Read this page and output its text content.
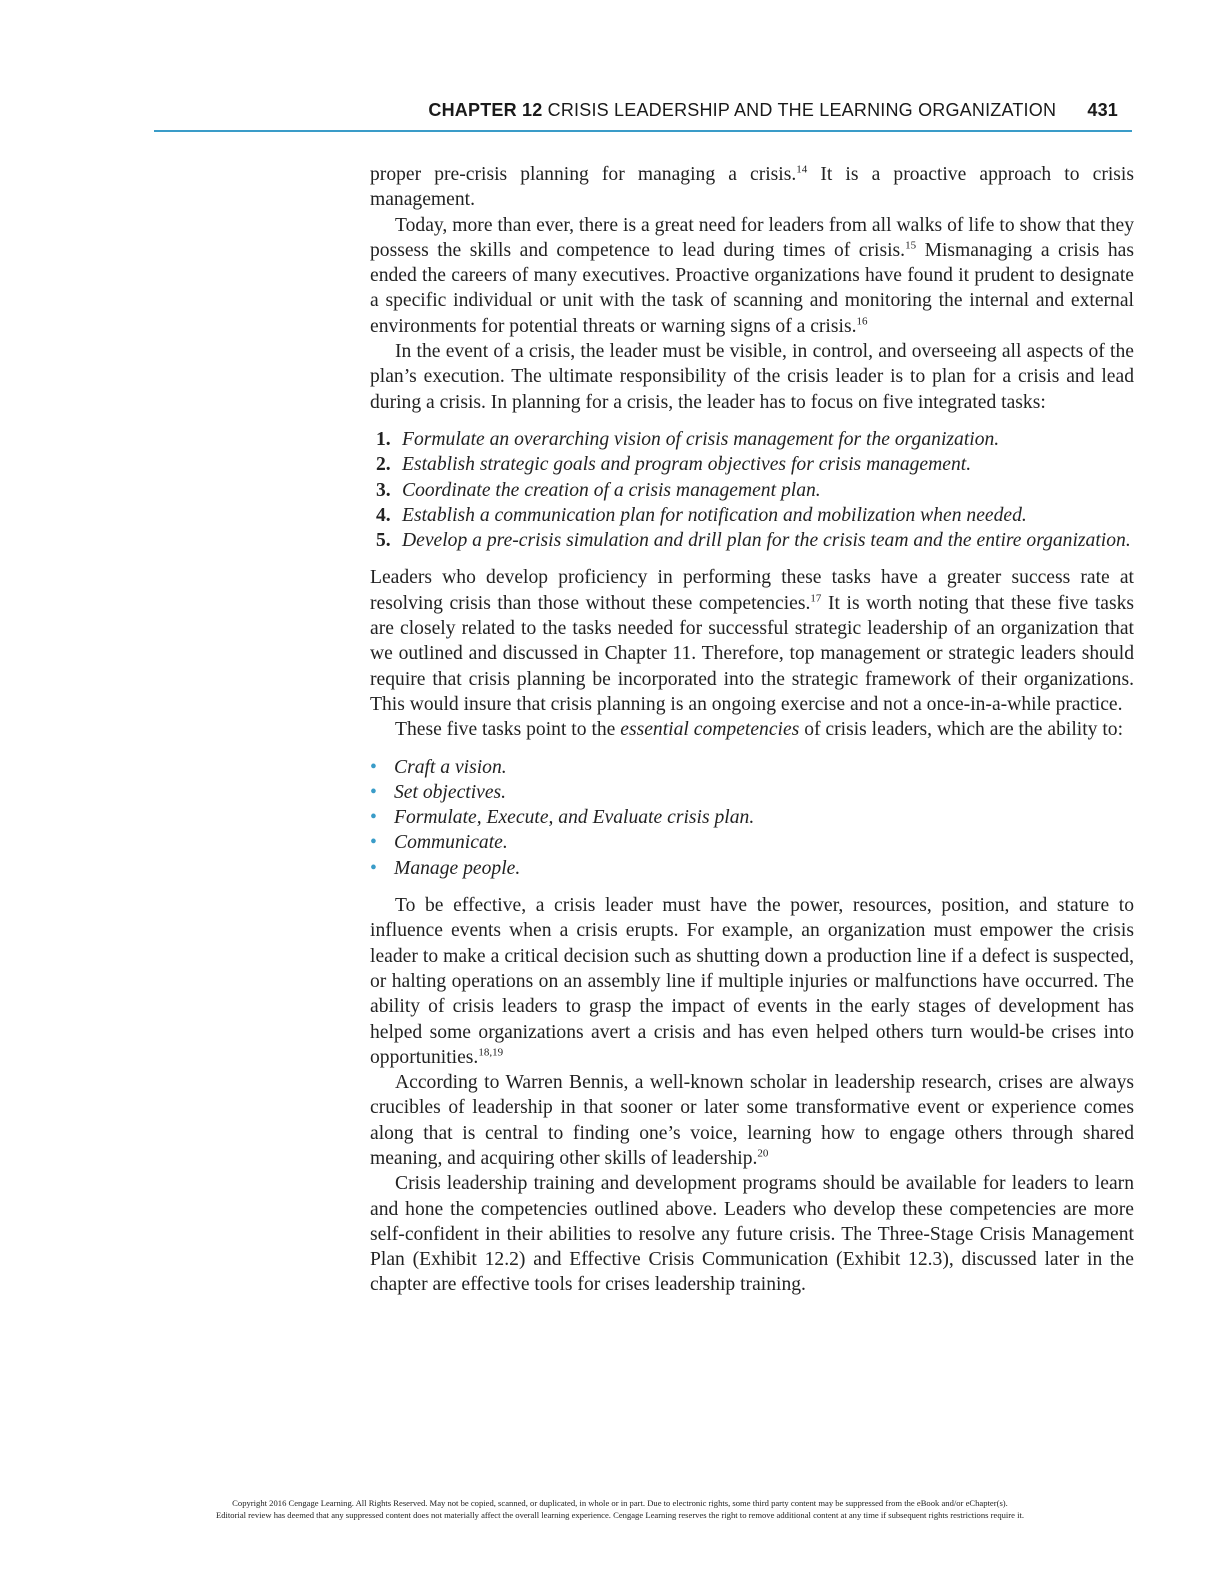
CHAPTER 12 CRISIS LEADERSHIP AND THE LEARNING ORGANIZATION 431

proper pre-crisis planning for managing a crisis.$^{14}$ It is a proactive approach to crisis management.

Today, more than ever, there is a great need for leaders from all walks of life to show that they possess the skills and competence to lead during times of crisis.$^{15}$ Mismanaging a crisis has ended the careers of many executives. Proactive organizations have found it prudent to designate a specific individual or unit with the task of scanning and monitoring the internal and external environments for potential threats or warning signs of a crisis.$^{16}$

In the event of a crisis, the leader must be visible, in control, and overseeing all aspects of the plan’s execution. The ultimate responsibility of the crisis leader is to plan for a crisis and lead during a crisis. In planning for a crisis, the leader has to focus on five integrated tasks:

1. Formulate an overarching vision of crisis management for the organization.
2. Establish strategic goals and program objectives for crisis management.
3. Coordinate the creation of a crisis management plan.
4. Establish a communication plan for notification and mobilization when needed.
5. Develop a pre-crisis simulation and drill plan for the crisis team and the entire organization.

Leaders who develop proficiency in performing these tasks have a greater success rate at resolving crisis than those without these competencies.$^{17}$ It is worth noting that these five tasks are closely related to the tasks needed for successful strategic leadership of an organization that we outlined and discussed in Chapter 11. Therefore, top management or strategic leaders should require that crisis planning be incorporated into the strategic framework of their organizations. This would insure that crisis planning is an ongoing exercise and not a once-in-a-while practice.

These five tasks point to the essential competencies of crisis leaders, which are the ability to:

• Craft a vision.
• Set objectives.
• Formulate, Execute, and Evaluate crisis plan.
• Communicate.
• Manage people.

To be effective, a crisis leader must have the power, resources, position, and stature to influence events when a crisis erupts. For example, an organization must empower the crisis leader to make a critical decision such as shutting down a production line if a defect is suspected, or halting operations on an assembly line if multiple injuries or malfunctions have occurred. The ability of crisis leaders to grasp the impact of events in the early stages of development has helped some organizations avert a crisis and has even helped others turn would-be crises into opportunities.$^{18,19}$

According to Warren Bennis, a well-known scholar in leadership research, crises are always crucibles of leadership in that sooner or later some transformative event or experience comes along that is central to finding one’s voice, learning how to engage others through shared meaning, and acquiring other skills of leadership.$^{20}$

Crisis leadership training and development programs should be available for leaders to learn and hone the competencies outlined above. Leaders who develop these competencies are more self-confident in their abilities to resolve any future crisis. The Three-Stage Crisis Management Plan (Exhibit 12.2) and Effective Crisis Communication (Exhibit 12.3), discussed later in the chapter are effective tools for crises leadership training.

Copyright 2016 Cengage Learning. All Rights Reserved. May not be copied, scanned, or duplicated, in whole or in part. Due to electronic rights, some third party content may be suppressed from the eBook and/or eChapter(s).
Editorial review has deemed that any suppressed content does not materially affect the overall learning experience. Cengage Learning reserves the right to remove additional content at any time if subsequent rights restrictions require it.
